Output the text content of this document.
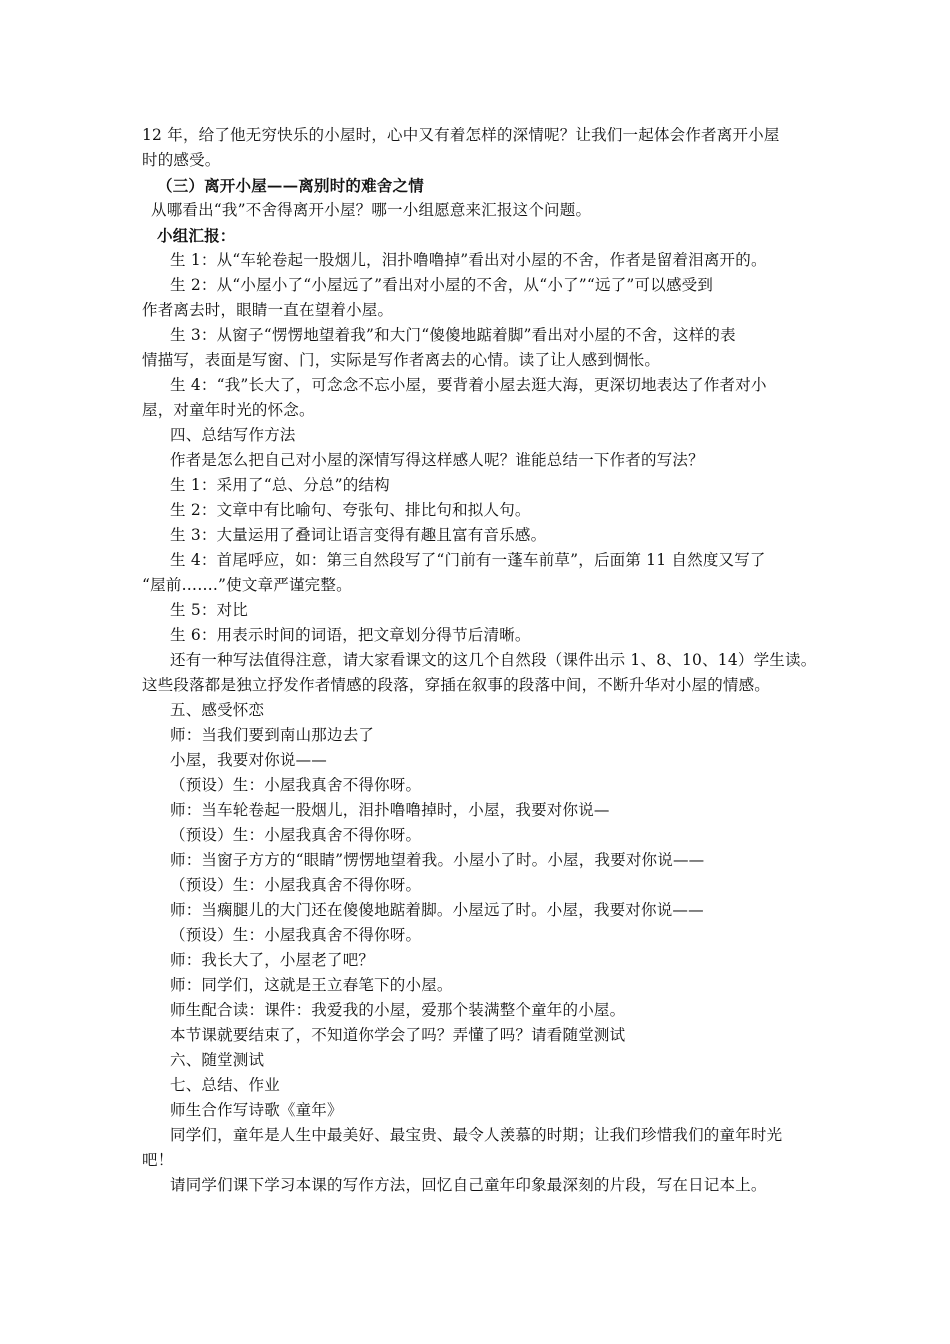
12 年，给了他无穷快乐的小屋时，心中又有着怎样的深情呢？让我们一起体会作者离开小屋
时的感受。
（三）离开小屋——离别时的难舍之情
从哪看出“我”不舍得离开小屋？哪一小组愿意来汇报这个问题。
小组汇报：
生 1：从“车轮卷起一股烟儿，泪扑噜噜掉”看出对小屋的不舍，作者是留着泪离开的。
生 2：从“小屋小了“小屋远了”看出对小屋的不舍，从“小了”“远了”可以感受到
作者离去时，眼睛一直在望着小屋。
生 3：从窗子“愣愣地望着我”和大门“傻傻地踮着脚”看出对小屋的不舍，这样的表
情描写，表面是写窗、门，实际是写作者离去的心情。读了让人感到惆怅。
生 4：“我”长大了，可念念不忘小屋，要背着小屋去逛大海，更深切地表达了作者对小
屋，对童年时光的怀念。
四、总结写作方法
作者是怎么把自己对小屋的深情写得这样感人呢？谁能总结一下作者的写法？
生 1：采用了“总、分总”的结构
生 2：文章中有比喻句、夸张句、排比句和拟人句。
生 3：大量运用了叠词让语言变得有趣且富有音乐感。
生 4：首尾呼应，如：第三自然段写了“门前有一蓬车前草”，后面第 11 自然度又写了
“屋前…….”使文章严谨完整。
生 5：对比
生 6：用表示时间的词语，把文章划分得节后清晰。
还有一种写法值得注意，请大家看课文的这几个自然段（课件出示 1、8、10、14）学生读。
这些段落都是独立抒发作者情感的段落，穿插在叙事的段落中间，不断升华对小屋的情感。
五、感受怀恋
师：当我们要到南山那边去了
小屋，我要对你说——
（预设）生：小屋我真舍不得你呀。
师：当车轮卷起一股烟儿，泪扑噜噜掉时，小屋，我要对你说—
（预设）生：小屋我真舍不得你呀。
师：当窗子方方的“眼睛”愣愣地望着我。小屋小了时。小屋，我要对你说——
（预设）生：小屋我真舍不得你呀。
师：当瘸腿儿的大门还在傻傻地踮着脚。小屋远了时。小屋，我要对你说——
（预设）生：小屋我真舍不得你呀。
师：我长大了，小屋老了吧？
师：同学们，这就是王立春笔下的小屋。
师生配合读：课件：我爱我的小屋，爱那个装满整个童年的小屋。
本节课就要结束了，不知道你学会了吗？弄懂了吗？请看随堂测试
六、随堂测试
七、总结、作业
师生合作写诗歌《童年》
同学们，童年是人生中最美好、最宝贵、最令人羡慕的时期；让我们珍惜我们的童年时光
吧！
请同学们课下学习本课的写作方法，回忆自己童年印象最深刻的片段，写在日记本上。
